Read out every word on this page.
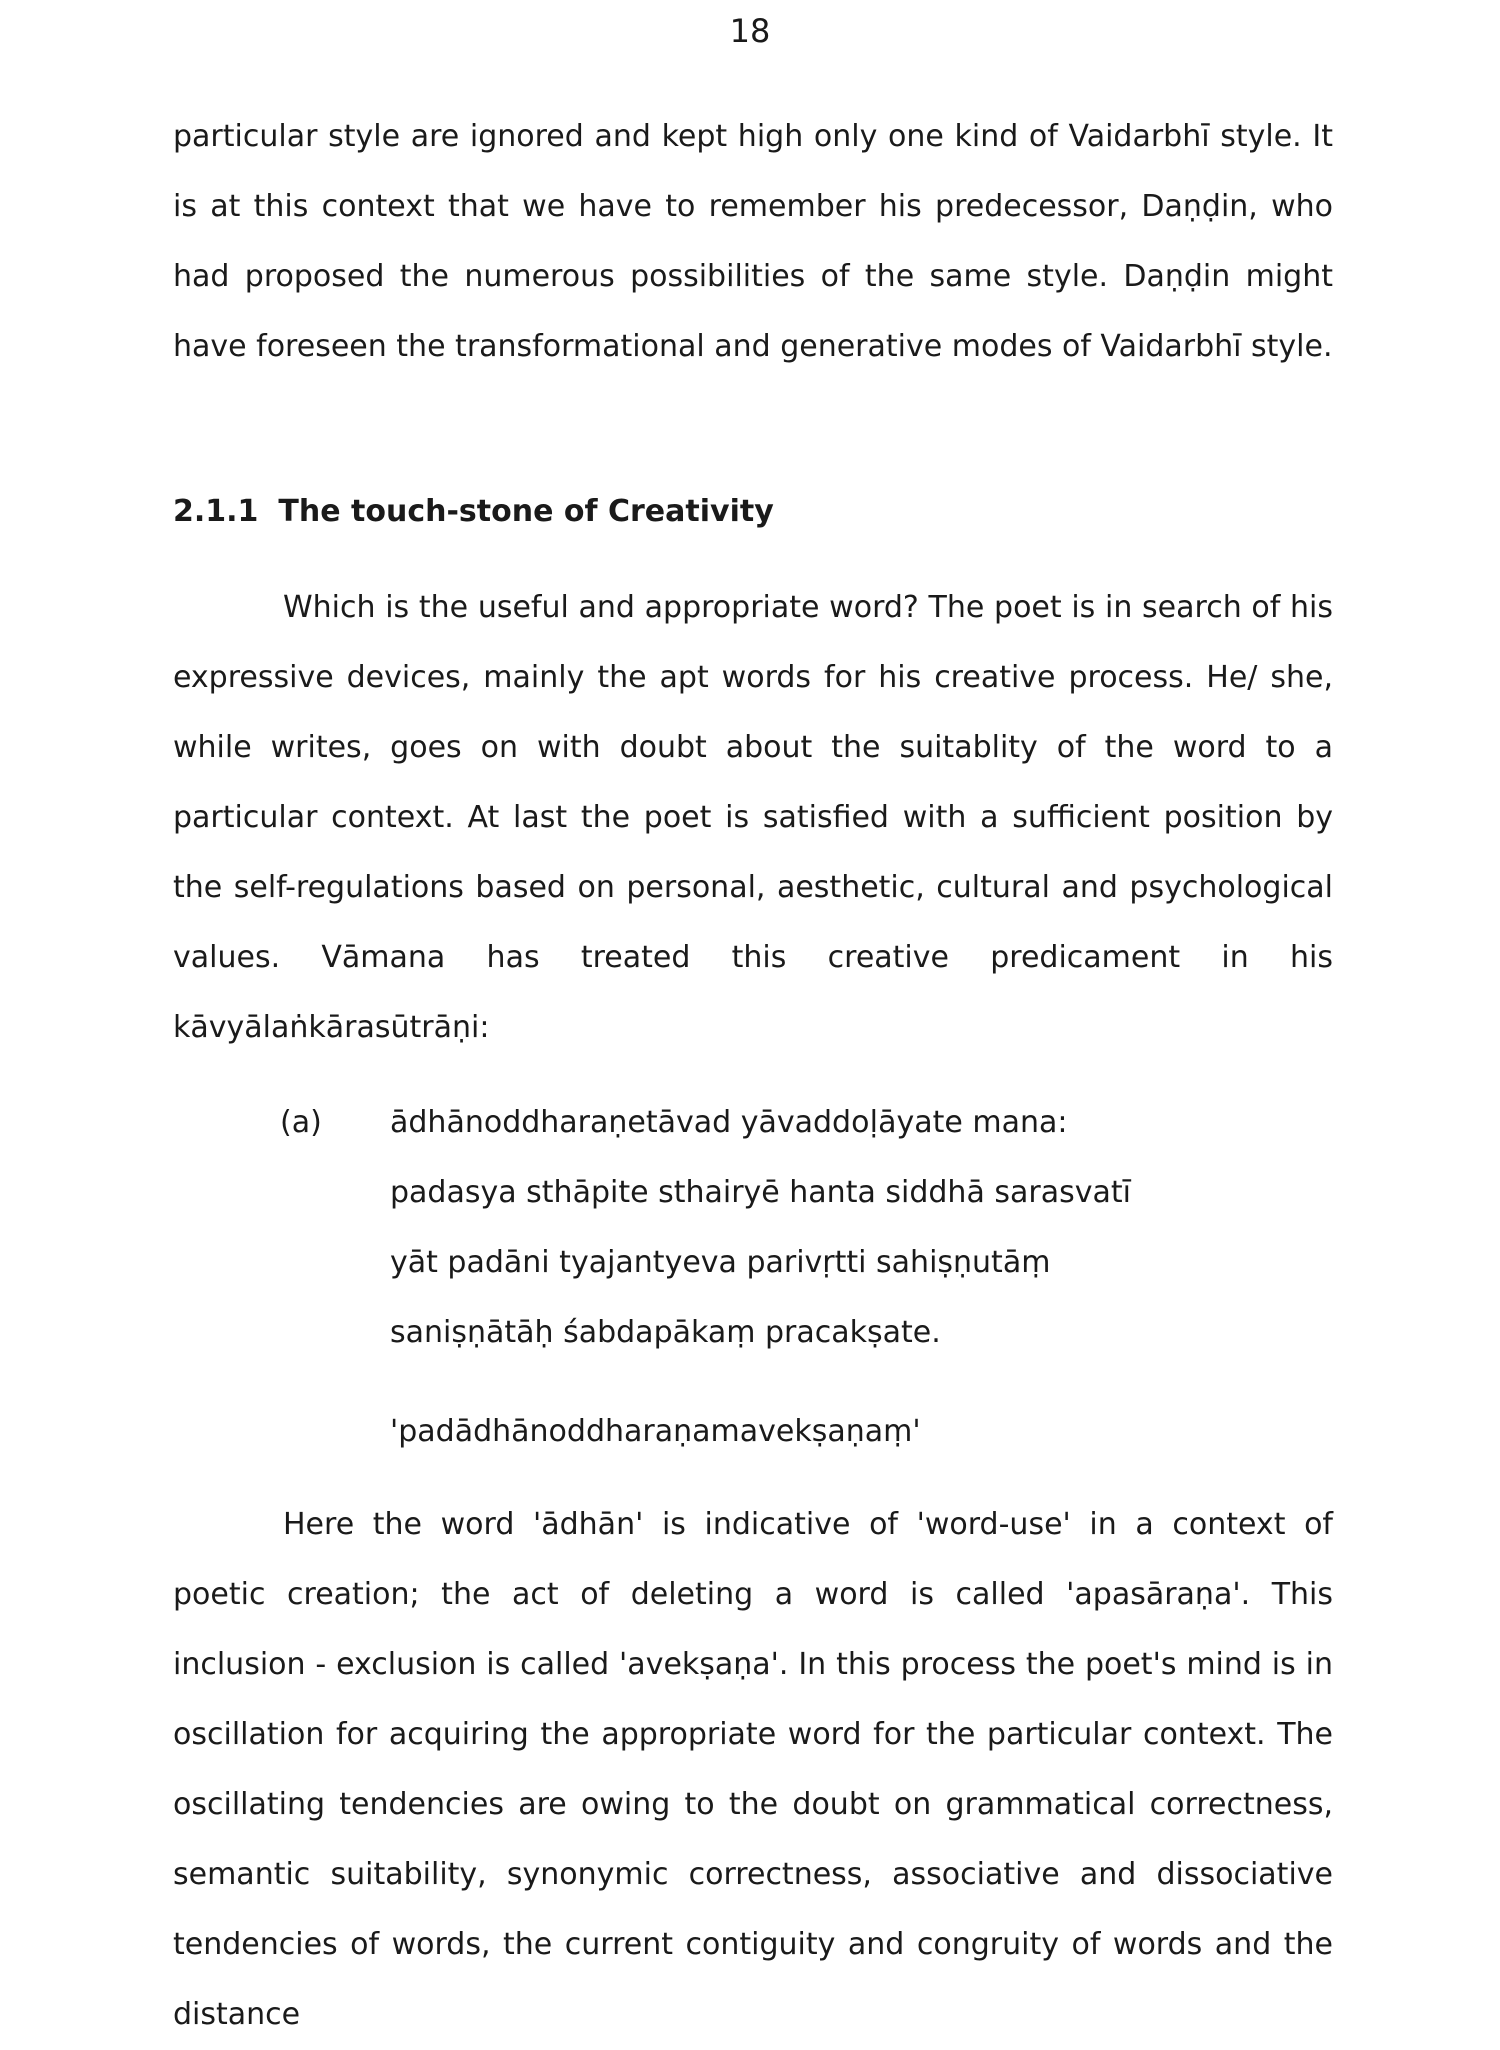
18

particular style are ignored and kept high only one kind of Vaidarbhī style. It is at this context that we have to remember his predecessor, Daṇḍin, who had proposed the numerous possibilities of the same style. Daṇḍin might have foreseen the transformational and generative modes of Vaidarbhī style.

2.1.1 The touch-stone of Creativity

Which is the useful and appropriate word? The poet is in search of his expressive devices, mainly the apt words for his creative process. He/ she, while writes, goes on with doubt about the suitablity of the word to a particular context. At last the poet is satisfied with a sufficient position by the self-regulations based on personal, aesthetic, cultural and psychological values. Vāmana has treated this creative predicament in his kāvyālaṅkārasūtrāṇi:

(a) ādhānoddharaṇetāvad yāvaddoḷāyate mana:
padasya sthāpite sthairyē hanta siddhā sarasvatī
yāt padāni tyajantyeva parivṛtti sahiṣṇutāṃ
saniṣṇātāḥ śabdapākaṃ pracakṣate.
'padādhānoddharaṇamavekṣaṇaṃ'

Here the word 'ādhān' is indicative of 'word-use' in a context of poetic creation; the act of deleting a word is called 'apasāraṇa'. This inclusion - exclusion is called 'avekṣaṇa'. In this process the poet's mind is in oscillation for acquiring the appropriate word for the particular context. The oscillating tendencies are owing to the doubt on grammatical correctness, semantic suitability, synonymic correctness, associative and dissociative tendencies of words, the current contiguity and congruity of words and the distance
